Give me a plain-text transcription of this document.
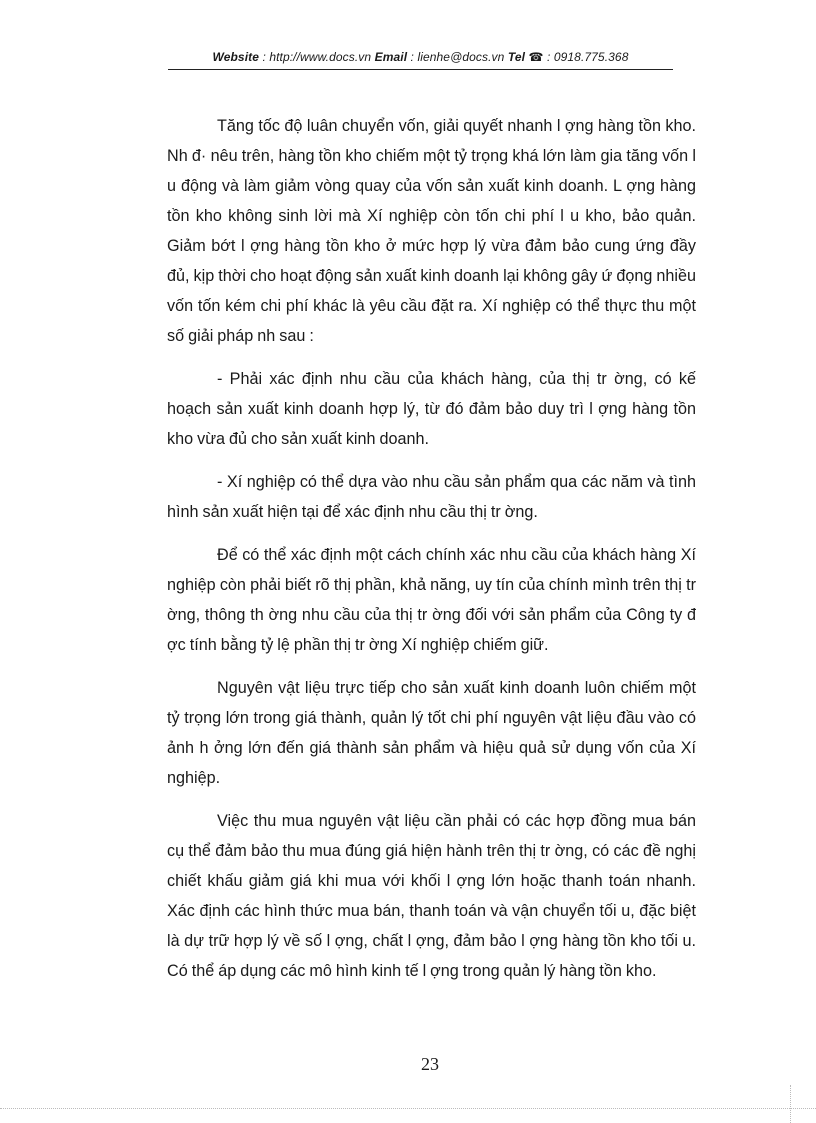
Website : http://www.docs.vn Email : lienhe@docs.vn Tel ☎ : 0918.775.368

Tăng tốc độ luân chuyển vốn, giải quyết nhanh l ợng hàng tồn kho. Nh đ· nêu trên, hàng tồn kho chiếm một tỷ trọng khá lớn làm gia tăng vốn l u động và làm giảm vòng quay của vốn sản xuất kinh doanh. L ợng hàng tồn kho không sinh lời mà Xí nghiệp còn tốn chi phí l u kho, bảo quản. Giảm bớt l ợng hàng tồn kho ở mức hợp lý vừa đảm bảo cung ứng đầy đủ, kịp thời cho hoạt động sản xuất kinh doanh lại không gây ứ đọng nhiều vốn tốn kém chi phí khác là yêu cầu đặt ra. Xí nghiệp có thể thực thu một số giải pháp nh sau :

- Phải xác định nhu cầu của khách hàng, của thị tr ờng, có kế hoạch sản xuất kinh doanh hợp lý, từ đó đảm bảo duy trì l ợng hàng tồn kho vừa đủ cho sản xuất kinh doanh.

- Xí nghiệp có thể dựa vào nhu cầu sản phẩm qua các năm và tình hình sản xuất hiện tại để xác định nhu cầu thị tr ờng.

Để có thể xác định một cách chính xác nhu cầu của khách hàng Xí nghiệp còn phải biết rõ thị phần, khả năng, uy tín của chính mình trên thị tr ờng, thông th ờng nhu cầu của thị tr ờng đối với sản phẩm của Công ty đ ợc tính bằng tỷ lệ phần thị tr ờng Xí nghiệp chiếm giữ.

Nguyên vật liệu trực tiếp cho sản xuất kinh doanh luôn chiếm một tỷ trọng lớn trong giá thành, quản lý tốt chi phí nguyên vật liệu đầu vào có ảnh h ởng lớn đến giá thành sản phẩm và hiệu quả sử dụng vốn của Xí nghiệp.

Việc thu mua nguyên vật liệu cần phải có các hợp đồng mua bán cụ thể đảm bảo thu mua đúng giá hiện hành trên thị tr ờng, có các đề nghị chiết khấu giảm giá khi mua với khối l ợng lớn hoặc thanh toán nhanh. Xác định các hình thức mua bán, thanh toán và vận chuyển tối u, đặc biệt là dự trữ hợp lý về số l ợng, chất l ợng, đảm bảo l ợng hàng tồn kho tối u. Có thể áp dụng các mô hình kinh tế l ợng trong quản lý hàng tồn kho.

23
